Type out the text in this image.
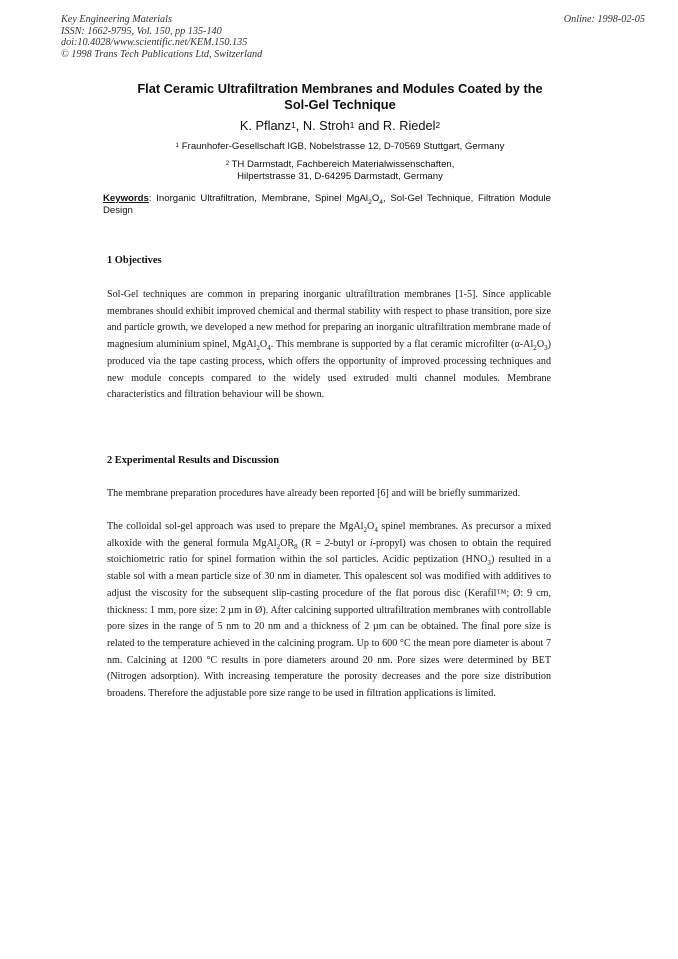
Key Engineering Materials
ISSN: 1662-9795, Vol. 150, pp 135-140
doi:10.4028/www.scientific.net/KEM.150.135
© 1998 Trans Tech Publications Ltd, Switzerland
Online: 1998-02-05
Flat Ceramic Ultrafiltration Membranes and Modules Coated by the
Sol-Gel Technique
K. Pflanz$^1$, N. Stroh$^1$ and R. Riedel$^2$
$^1$ Fraunhofer-Gesellschaft IGB, Nobelstrasse 12, D-70569 Stuttgart, Germany
$^2$ TH Darmstadt, Fachbereich Materialwissenschaften,
Hilpertstrasse 31, D-64295 Darmstadt, Germany
Keywords: Inorganic Ultrafiltration, Membrane, Spinel $MgAl_2O_4$, Sol-Gel Technique, Filtration Module Design
1 Objectives
Sol-Gel techniques are common in preparing inorganic ultrafiltration membranes [1-5]. Since applicable membranes should exhibit improved chemical and thermal stability with respect to phase transition, pore size and particle growth, we developed a new method for preparing an inorganic ultrafiltration membrane made of magnesium aluminium spinel, $MgAl_2O_4$. This membrane is supported by a flat ceramic microfilter $(\alpha-Al_2O_3)$ produced via the tape casting process, which offers the opportunity of improved processing techniques and new module concepts compared to the widely used extruded multi channel modules. Membrane characteristics and filtration behaviour will be shown.
2 Experimental Results and Discussion
The membrane preparation procedures have already been reported [6] and will be briefly summarized.
The colloidal sol-gel approach was used to prepare the $MgAl_2O_4$ spinel membranes. As precursor a mixed alkoxide with the general formula $MgAl_2OR_8$ (R = 2-butyl or i-propyl) was chosen to obtain the required stoichiometric ratio for spinel formation within the sol particles. Acidic peptization $(HNO_3)$ resulted in a stable sol with a mean particle size of 30 nm in diameter. This opalescent sol was modified with additives to adjust the viscosity for the subsequent slip-casting procedure of the flat porous disc (Kerafil™; Ø: 9 cm, thickness: 1 mm, pore size: 2 µm in Ø). After calcining supported ultrafiltration membranes with controllable pore sizes in the range of 5 nm to 20 nm and a thickness of 2 µm can be obtained. The final pore size is related to the temperature achieved in the calcining program. Up to 600 °C the mean pore diameter is about 7 nm. Calcining at 1200 °C results in pore diameters around 20 nm. Pore sizes were determined by BET (Nitrogen adsorption). With increasing temperature the porosity decreases and the pore size distribution broadens. Therefore the adjustable pore size range to be used in filtration applications is limited.
